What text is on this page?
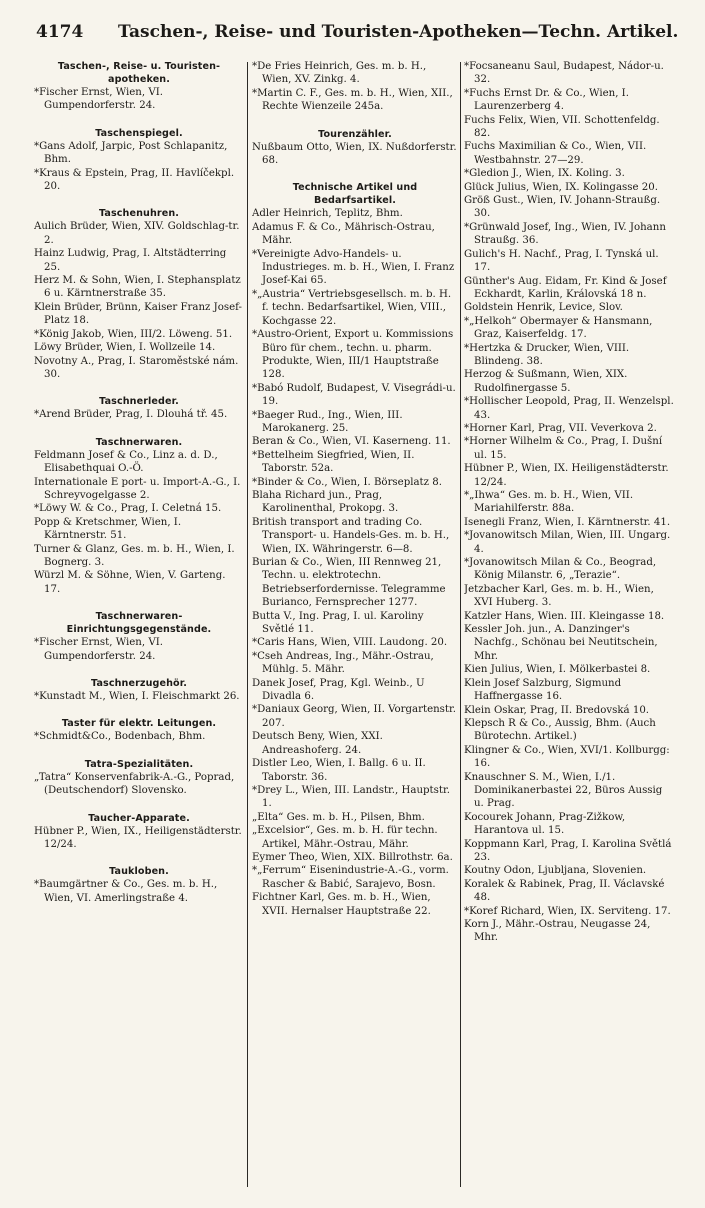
4174 Taschen-, Reise- und Touristen-Apotheken—Techn. Artikel.
Taschen-, Reise- u. Touristen-apotheken.

*Fischer Ernst, Wien, VI. Gumpendorferstr. 24.

Taschenspiegel.

*Gans Adolf, Jarpic, Post Schlapanitz, Bhm.

*Kraus & Epstein, Prag, II. Havlíčekpl. 20.

Taschenuhren.

Aulich Brüder, Wien, XIV. Goldschlag-tr. 2.

Hainz Ludwig, Prag, I. Altstädterring 25.

Herz M. & Sohn, Wien, I. Stephansplatz 6 u. Kärntnerstraße 35.

Klein Brüder, Brünn, Kaiser Franz Josef-Platz 18.

*König Jakob, Wien, III/2. Löweng. 51.

Löwy Brüder, Wien, I. Wollzeile 14.

Novotny A., Prag, I. Staroměstské nám. 30.

Taschnerleder.

*Arend Brüder, Prag, I. Dlouhá tř. 45.

Taschnerwaren.

Feldmann Josef & Co., Linz a. d. D., Elisabethquai O.-Ö.

Internationale E port- u. Import-A.-G., I. Schreyvogelgasse 2.

*Löwy W. & Co., Prag, I. Celetná 15.

Popp & Kretschmer, Wien, I. Kärntnerstr. 51.

Turner & Glanz, Ges. m. b. H., Wien, I. Bognerg. 3.

Würzl M. & Söhne, Wien, V. Garteng. 17.

Taschnerwaren-Einrichtungsgegenstände.

*Fischer Ernst, Wien, VI. Gumpendorferstr. 24.

Taschnerzugehör.

*Kunstadt M., Wien, I. Fleischmarkt 26.

Taster für elektr. Leitungen.

*Schmidt&Co., Bodenbach, Bhm.

Tatra-Spezialitäten.

„Tatra“ Konservenfabrik-A.-G., Poprad, (Deutschendorf) Slovensko.

Taucher-Apparate.

Hübner P., Wien, IX., Heiligenstädterstr. 12/24.

Taukloben.

*Baumgärtner & Co., Ges. m. b. H., Wien, VI. Amerlingstraße 4.

*De Fries Heinrich, Ges. m. b. H., Wien, XV. Zinkg. 4.

*Martin C. F., Ges. m. b. H., Wien, XII., Rechte Wienzeile 245a.

Tourenzähler.

Nußbaum Otto, Wien, IX. Nußdorferstr. 68.

Technische Artikel und Bedarfsartikel.

Adler Heinrich, Teplitz, Bhm.

Adamus F. & Co., Mährisch-Ostrau, Mähr.

*Vereinigte Advo-Handels- u. Industrieges. m. b. H., Wien, I. Franz Josef-Kai 65.

*„Austria“ Vertriebsgesellsch. m. b. H. f. techn. Bedarfsartikel, Wien, VIII., Kochgasse 22.

*Austro-Orient, Export u. Kommissions Büro für chem., techn. u. pharm. Produkte, Wien, III/1 Hauptstraße 128.

*Babó Rudolf, Budapest, V. Visegrádi-u. 19.

*Baeger Rud., Ing., Wien, III. Marokanerg. 25.

Beran & Co., Wien, VI. Kaserneng. 11.

*Bettelheim Siegfried, Wien, II. Taborstr. 52a.

*Binder & Co., Wien, I. Börseplatz 8.

Blaha Richard jun., Prag, Karolinenthal, Prokopg. 3.

British transport and trading Co. Transport- u. Handels-Ges. m. b. H., Wien, IX. Währingerstr. 6—8.

Burian & Co., Wien, III Rennweg 21, Techn. u. elektrotechn. Betriebserfordernisse. Telegramme Burianco, Fernsprecher 1277.

Butta V., Ing. Prag, I. ul. Karoliny Světlé 11.

*Caris Hans, Wien, VIII. Laudong. 20.

*Cseh Andreas, Ing., Mähr.-Ostrau, Mühlg. 5. Mähr.

Danek Josef, Prag, Kgl. Weinb., U Divadla 6.

*Daniaux Georg, Wien, II. Vorgartenstr. 207.

Deutsch Beny, Wien, XXI. Andreashoferg. 24.

Distler Leo, Wien, I. Ballg. 6 u. II. Taborstr. 36.

*Drey L., Wien, III. Landstr., Hauptstr. 1.

„Elta“ Ges. m. b. H., Pilsen, Bhm.

„Excelsior“, Ges. m. b. H. für techn. Artikel, Mähr.-Ostrau, Mähr.

Eymer Theo, Wien, XIX. Billrothstr. 6a.

*„Ferrum“ Eisenindustrie-A.-G., vorm. Rascher & Babić, Sarajevo, Bosn.

Fichtner Karl, Ges. m. b. H., Wien, XVII. Hernalser Hauptstraße 22.

*Focsaneanu Saul, Budapest, Nádor-u. 32.

*Fuchs Ernst Dr. & Co., Wien, I. Laurenzerberg 4.

Fuchs Felix, Wien, VII. Schottenfeldg. 82.

Fuchs Maximilian & Co., Wien, VII. Westbahnstr. 27—29.

*Gledion J., Wien, IX. Koling. 3.

Glück Julius, Wien, IX. Kolingasse 20.

Größ Gust., Wien, IV. Johann-Straußg. 30.

*Grünwald Josef, Ing., Wien, IV. Johann Straußg. 36.

Gulich's H. Nachf., Prag, I. Tynská ul. 17.

Günther's Aug. Eidam, Fr. Kind & Josef Eckhardt, Karlin, Královská 18 n.

Goldstein Henrik, Levice, Slov.

*„Helkoh“ Obermayer & Hansmann, Graz, Kaiserfeldg. 17.

*Hertzka & Drucker, Wien, VIII. Blindeng. 38.

Herzog & Sußmann, Wien, XIX. Rudolfinergasse 5.

*Hollischer Leopold, Prag, II. Wenzelspl. 43.

*Horner Karl, Prag, VII. Veverkova 2.

*Horner Wilhelm & Co., Prag, I. Dušní ul. 15.

Hübner P., Wien, IX. Heiligenstädterstr. 12/24.

*„Ihwa“ Ges. m. b. H., Wien, VII. Mariahilferstr. 88a.

Isenegli Franz, Wien, I. Kärntnerstr. 41.

*Jovanowitsch Milan, Wien, III. Ungarg. 4.

*Jovanowitsch Milan & Co., Beograd, König Milanstr. 6, „Terazie“.

Jetzbacher Karl, Ges. m. b. H., Wien, XVI Huberg. 3.

Katzler Hans, Wien. III. Kleingasse 18.

Kessler Joh. jun., A. Danzinger's Nachfg., Schönau bei Neutitschein, Mhr.

Kien Julius, Wien, I. Mölkerbastei 8.

Klein Josef Salzburg, Sigmund Haffnergasse 16.

Klein Oskar, Prag, II. Bredovská 10.

Klepsch R & Co., Aussig, Bhm. (Auch Bürotechn. Artikel.)

Klingner & Co., Wien, XVI/1. Kollburgg: 16.

Knauschner S. M., Wien, I./1. Dominikanerbastei 22, Büros Aussig u. Prag.

Kocourek Johann, Prag-Zižkow, Harantova ul. 15.

Koppmann Karl, Prag, I. Karolina Světlá 23.

Koutny Odon, Ljubljana, Slovenien.

Koralek & Rabinek, Prag, II. Václavské 48.

*Koref Richard, Wien, IX. Serviteng. 17.

Korn J., Mähr.-Ostrau, Neugasse 24, Mhr.
